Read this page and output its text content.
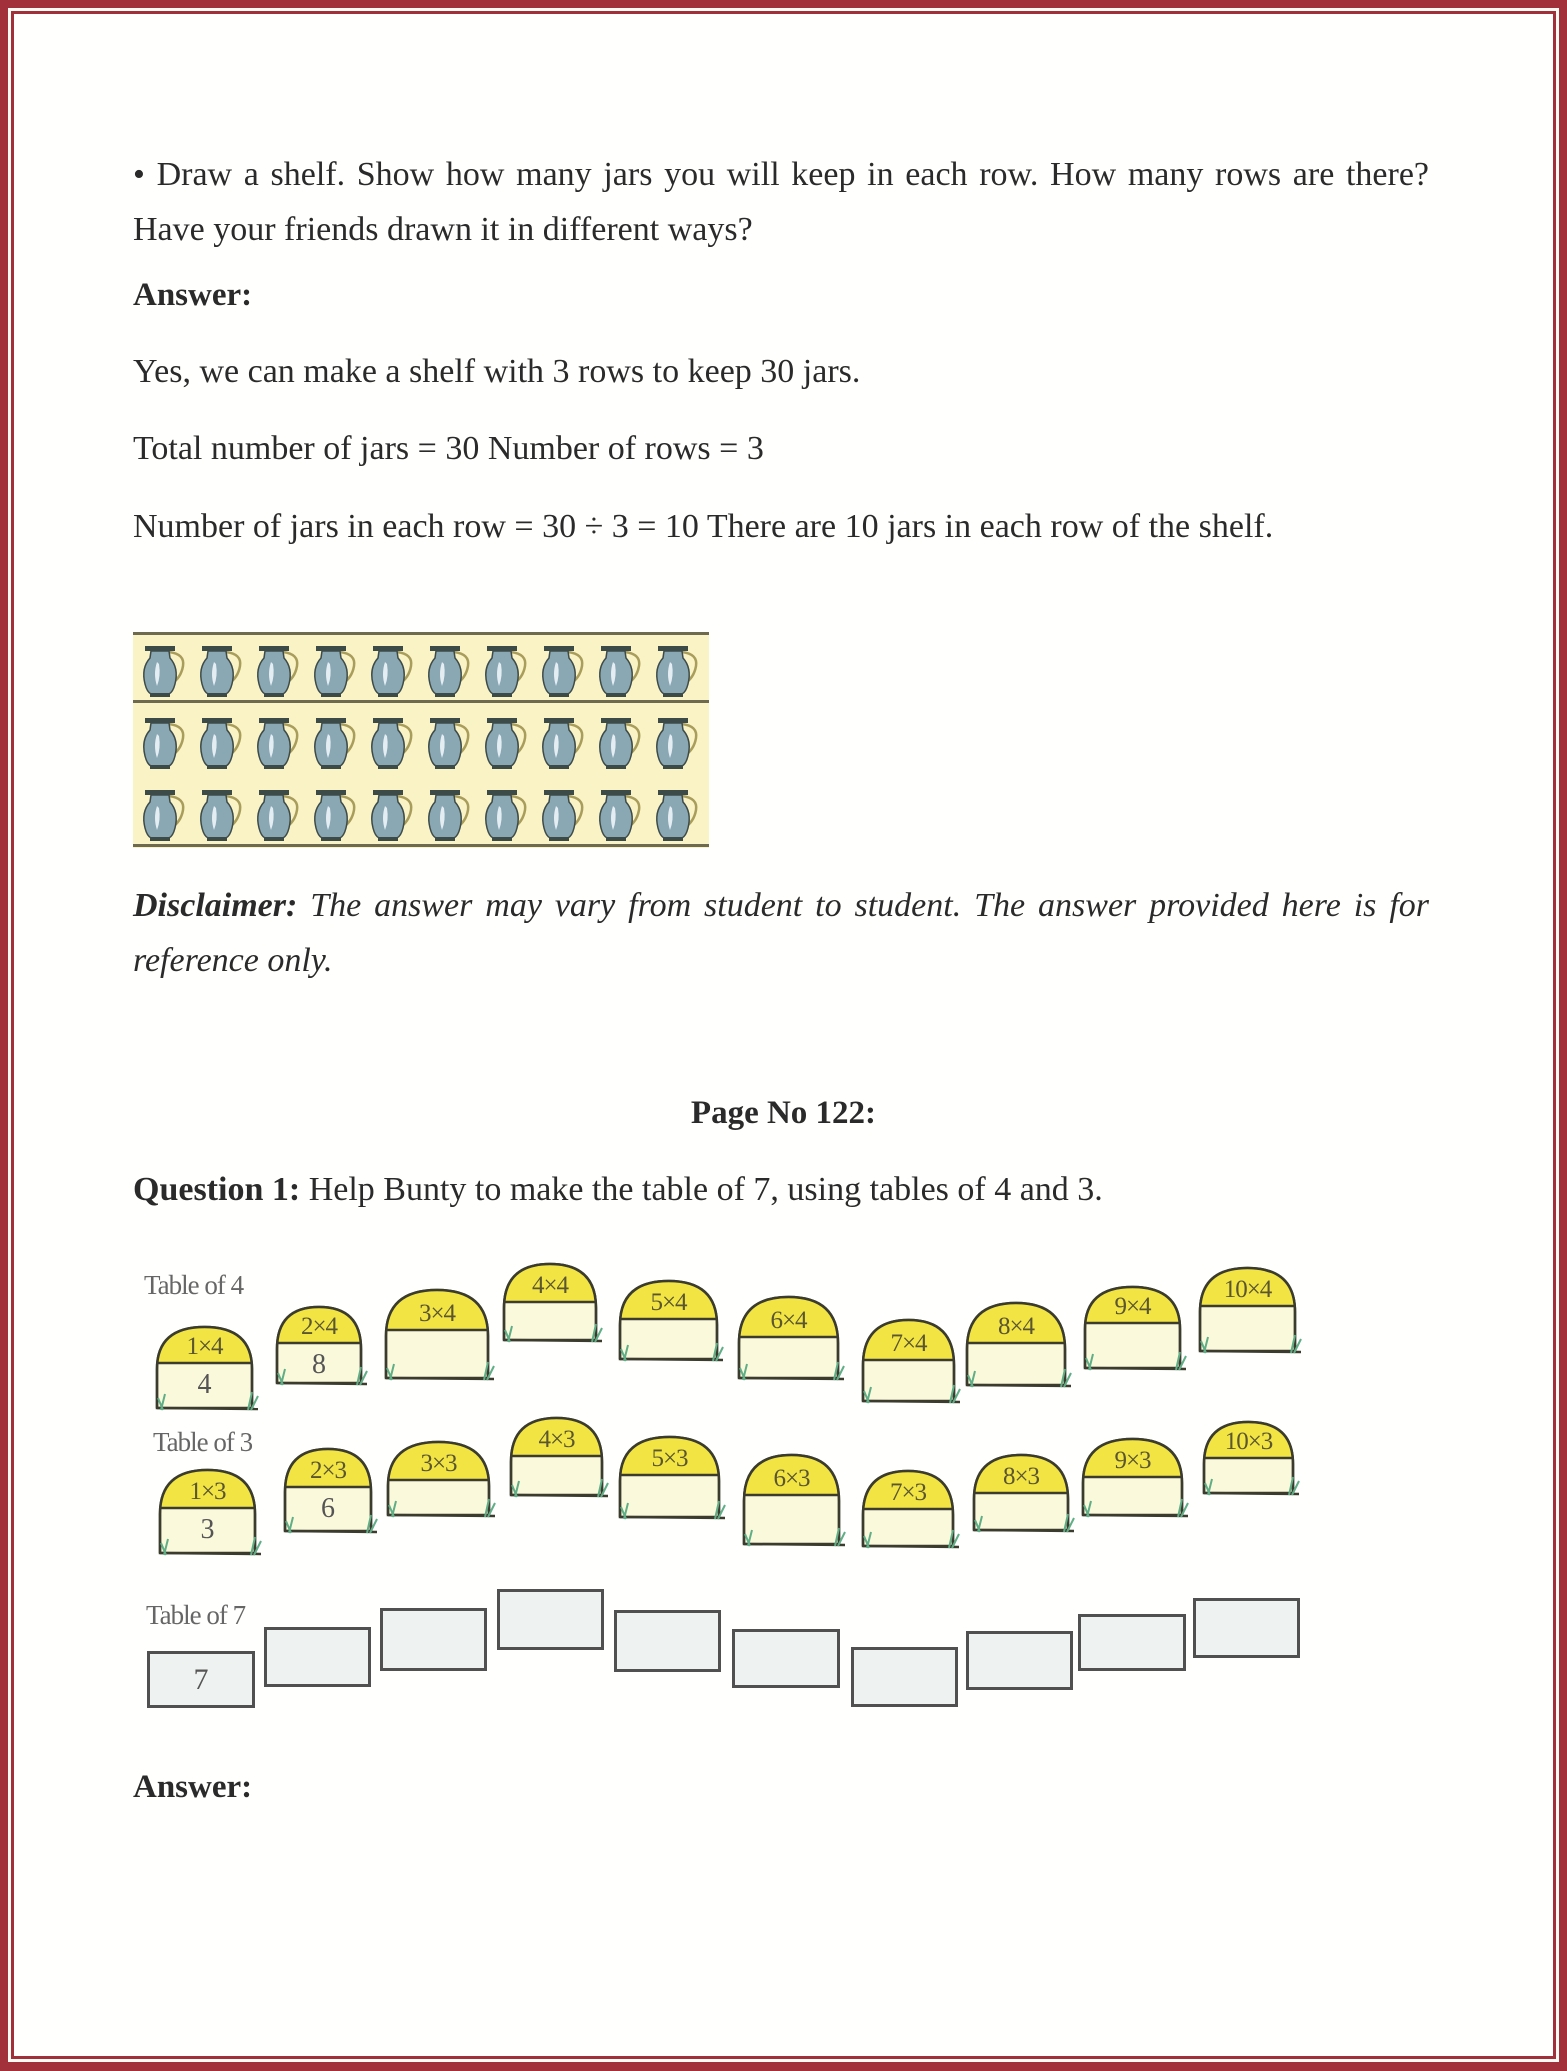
• Draw a shelf. Show how many jars you will keep in each row. How many rows are there? Have your friends drawn it in different ways?
Answer:
Yes, we can make a shelf with 3 rows to keep 30 jars.
Total number of jars = 30 Number of rows = 3
Number of jars in each row = 30 ÷ 3 = 10 There are 10 jars in each row of the shelf.
Disclaimer: The answer may vary from student to student. The answer provided here is for reference only.
Page No 122:
Question 1: Help Bunty to make the table of 7, using tables of 4 and 3.
Table of 4
1×4
4
2×4
8
3×4
4×4
5×4
6×4
7×4
8×4
9×4
10×4
Table of 3
1×3
3
2×3
6
3×3
4×3
5×3
6×3
7×3
8×3
9×3
10×3
Table of 7
7
Answer:
